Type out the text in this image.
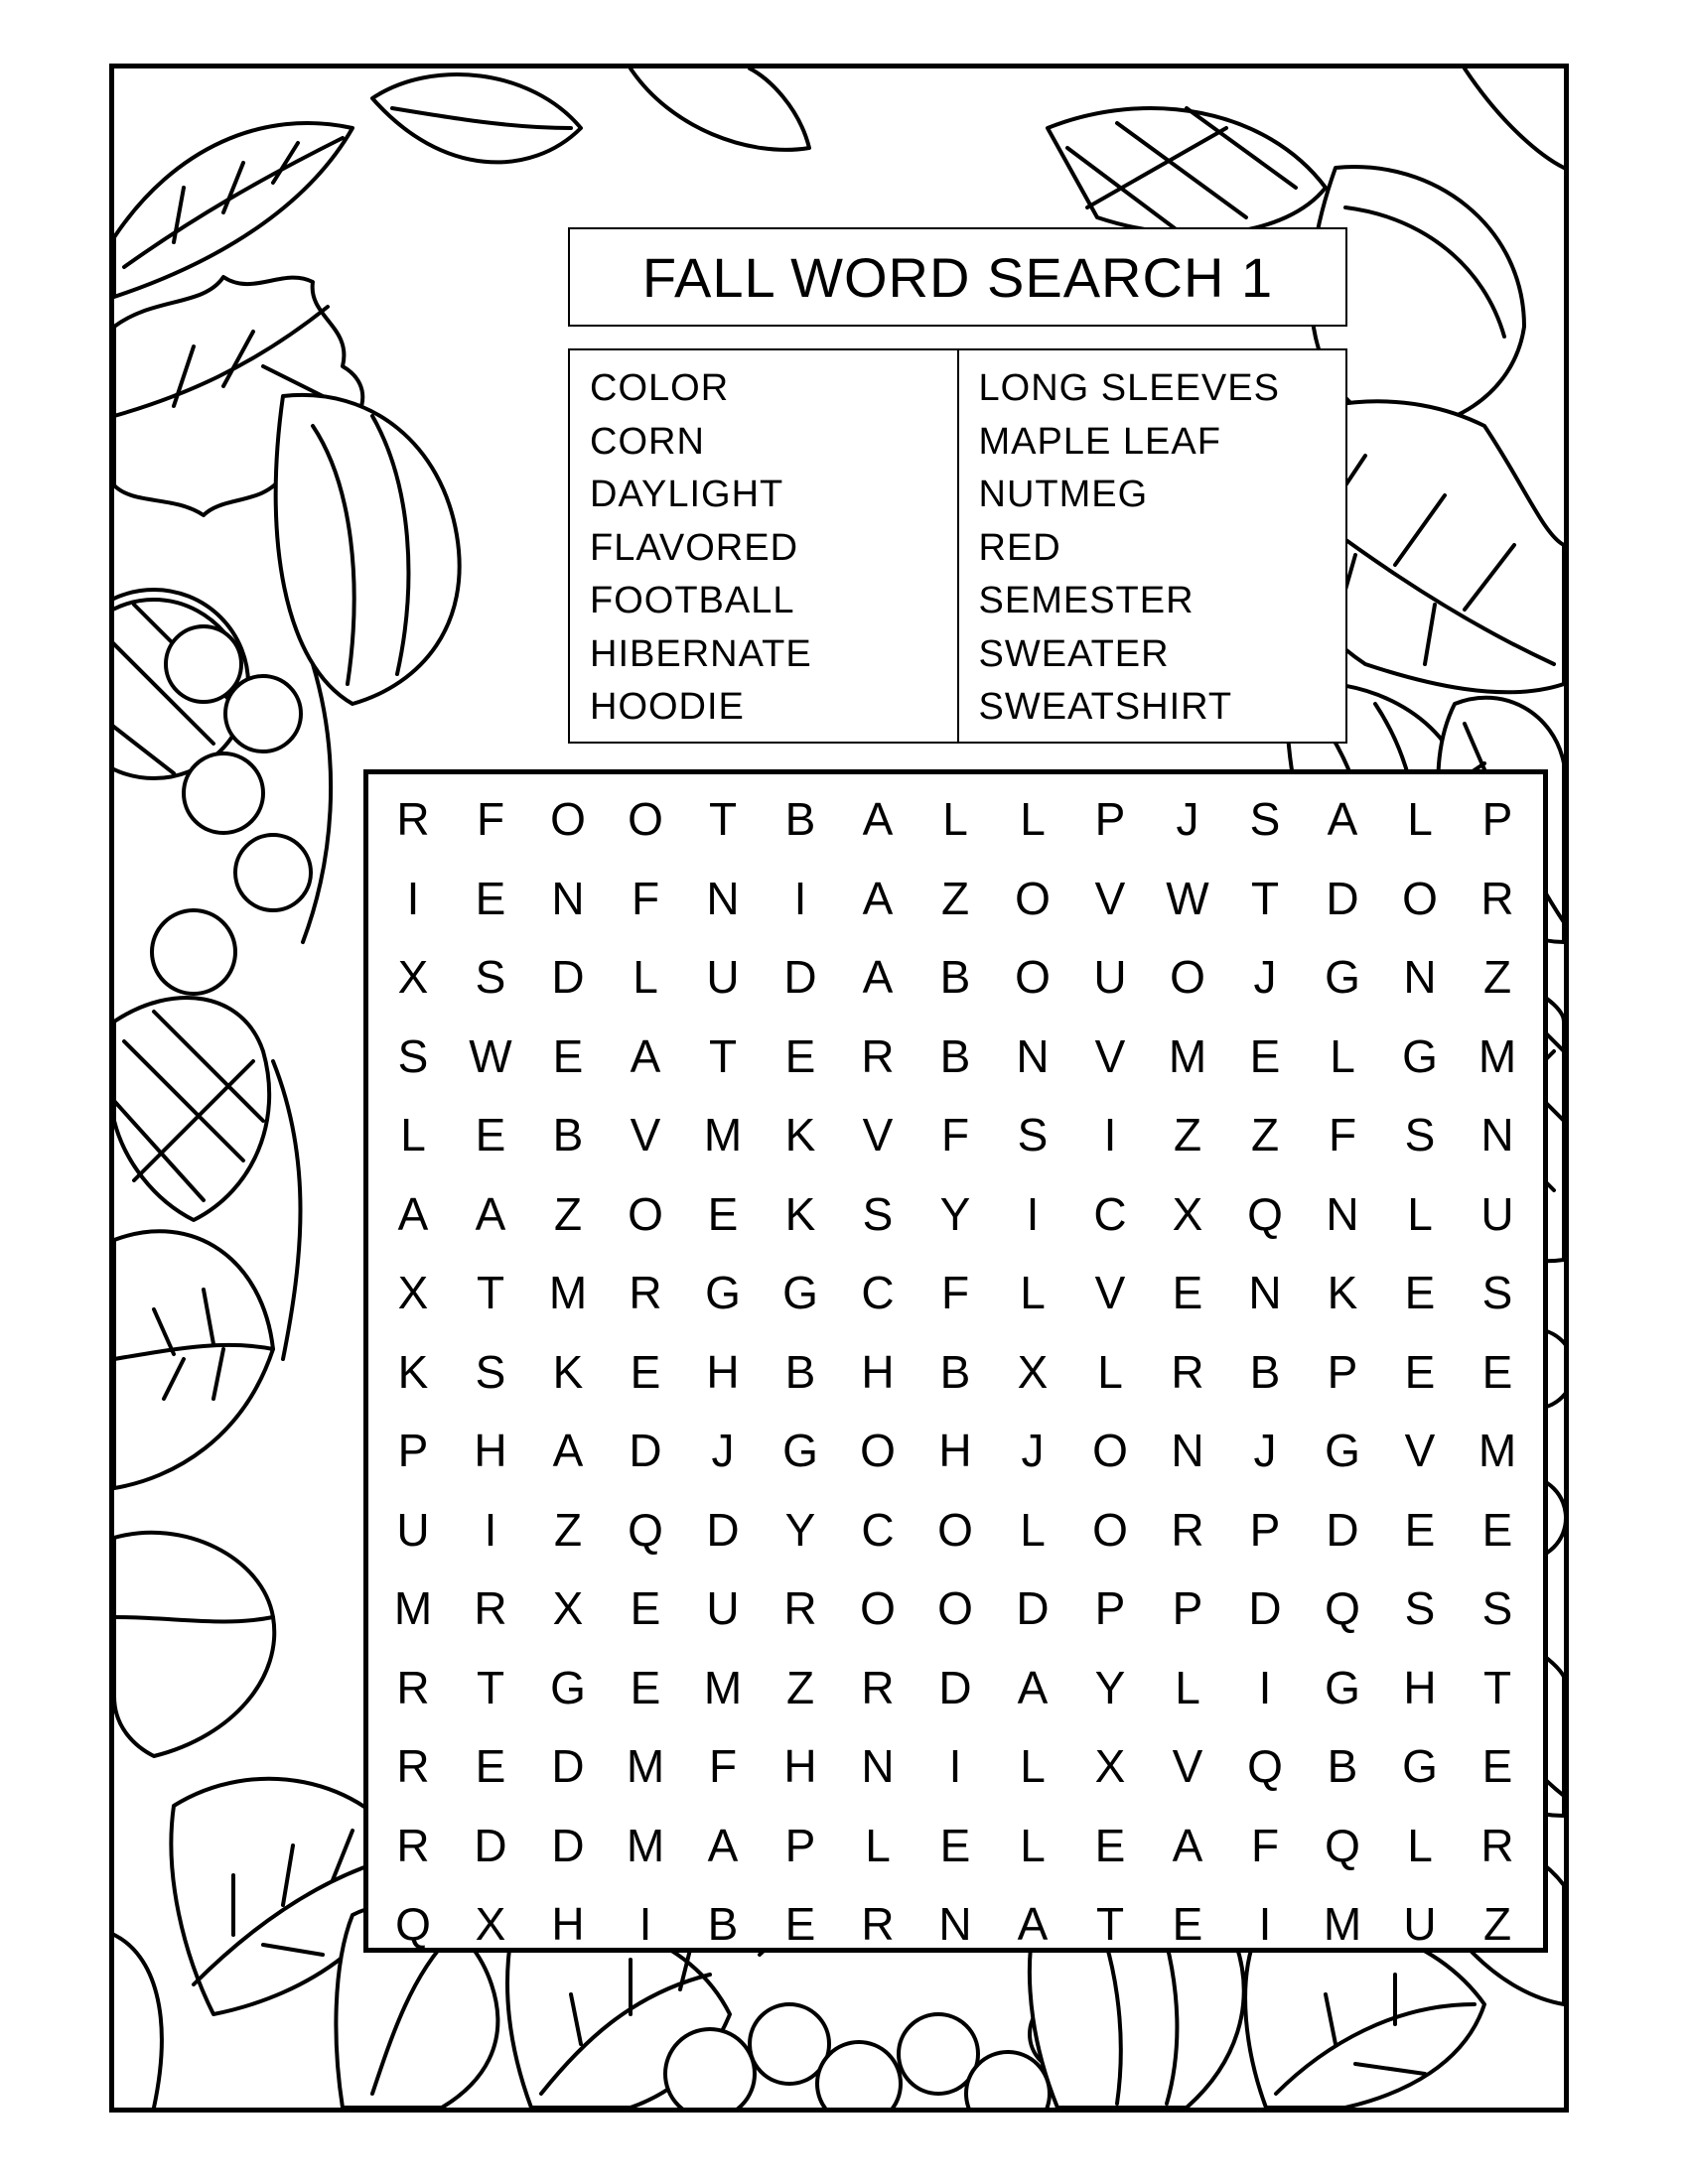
FALL WORD SEARCH 1
COLOR
CORN
DAYLIGHT
FLAVORED
FOOTBALL
HIBERNATE
HOODIE
LONG SLEEVES
MAPLE LEAF
NUTMEG
RED
SEMESTER
SWEATER
SWEATSHIRT
R	F	O O	T	B	A	L	L	P	J	S	A	L	P
I	E	N	F	N	I	A	Z	O V W T	D O R
X	S	D	L	U D	A	B O U O	J	G N	Z
S W E	A	T	E	R	B	N	V M E	L	G M
L	E	B	V M K	V	F	S	I	Z	Z	F	S	N
A	A	Z	O E	K	S	Y	I	C	X Q N	L	U
X	T M R G G C	F	L	V	E	N	K	E	S
K	S	K	E	H	B	H	B	X	L	R	B	P	E	E
P	H	A	D	J	G O H	J	O N	J	G V M
U	I	Z	Q D	Y	C O	L	O R	P	D	E	E
M R	X	E	U R O O D	P	P	D Q S	S
R	T	G E M Z	R D	A	Y	L	I	G H	T
R	E	D M F	H N	I	L	X	V Q B G E
R D D M A	P	L	E	L	E	A	F	Q	L	R
Q X	H	I	B	E	R N	A	T	E	I	M U	Z
